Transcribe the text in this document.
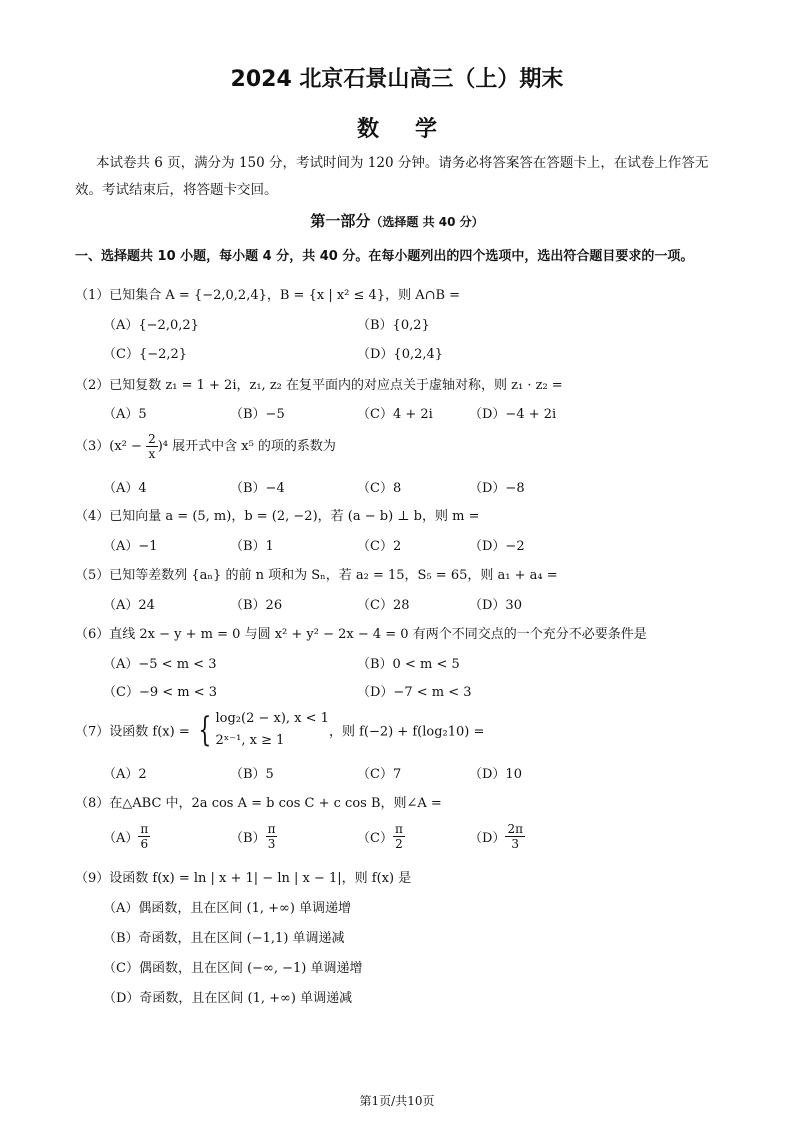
2024 北京石景山高三（上）期末
数学
本试卷共 6 页，满分为 150 分，考试时间为 120 分钟。请务必将答案答在答题卡上，在试卷上作答无
效。考试结束后，将答题卡交回。
第一部分（选择题 共 40 分）
一、选择题共 10 小题，每小题 4 分，共 40 分。在每小题列出的四个选项中，选出符合题目要求的一项。
（1）已知集合 A = {−2,0,2,4}，B = {x | x² ≤ 4}，则 A∩B =
（A）{−2,0,2}	（B）{0,2}
（C）{−2,2}	（D）{0,2,4}
（2）已知复数 z₁ = 1 + 2i，z₁, z₂ 在复平面内的对应点关于虚轴对称，则 z₁ · z₂ =
（A）5	（B）−5	（C）4 + 2i	（D）−4 + 2i
$(3)(x^2 - \frac{2}{x} )^4$ 展开式中含 x⁵ 的项的系数为
（A）4	（B）−4	（C）8	（D）−8
（4）已知向量 a = (5, m)，b = (2, −2)，若 (a − b) ⊥ b，则 m =
（A）−1	（B）1	（C）2	（D）−2
（5）已知等差数列 {aₙ} 的前 n 项和为 Sₙ，若 a₂ = 15，S₅ = 65，则 a₁ + a₄ =
（A）24	（B）26	（C）28	（D）30
（6）直线 2x − y + m = 0 与圆 x² + y² − 2x − 4 = 0 有两个不同交点的一个充分不必要条件是
（A）−5 < m < 3	（B）0 < m < 5
（C）−9 < m < 3	（D）−7 < m < 3
（7）设函数 f(x) = { log₂(2 − x), x < 1
2ˣ⁻¹, x ≥ 1
，则 f(−2) + f(log₂10) =
（A）2	（B）5	（C）7	（D）10
（8）在△ABC 中，2a cos A = b cos C + c cos B，则∠A =
$(A) \frac{\pi}{6}$	$(B) \frac{\pi}{3}$	$(C) \frac{\pi}{2}$	$(D) \frac{2\pi}{3}$
（9）设函数 f(x) = ln | x + 1| − ln | x − 1|，则 f(x) 是
（A）偶函数，且在区间 (1, +∞) 单调递增
（B）奇函数，且在区间 (−1,1) 单调递减
（C）偶函数，且在区间 (−∞, −1) 单调递增
（D）奇函数，且在区间 (1, +∞) 单调递减
第1页/共10页
